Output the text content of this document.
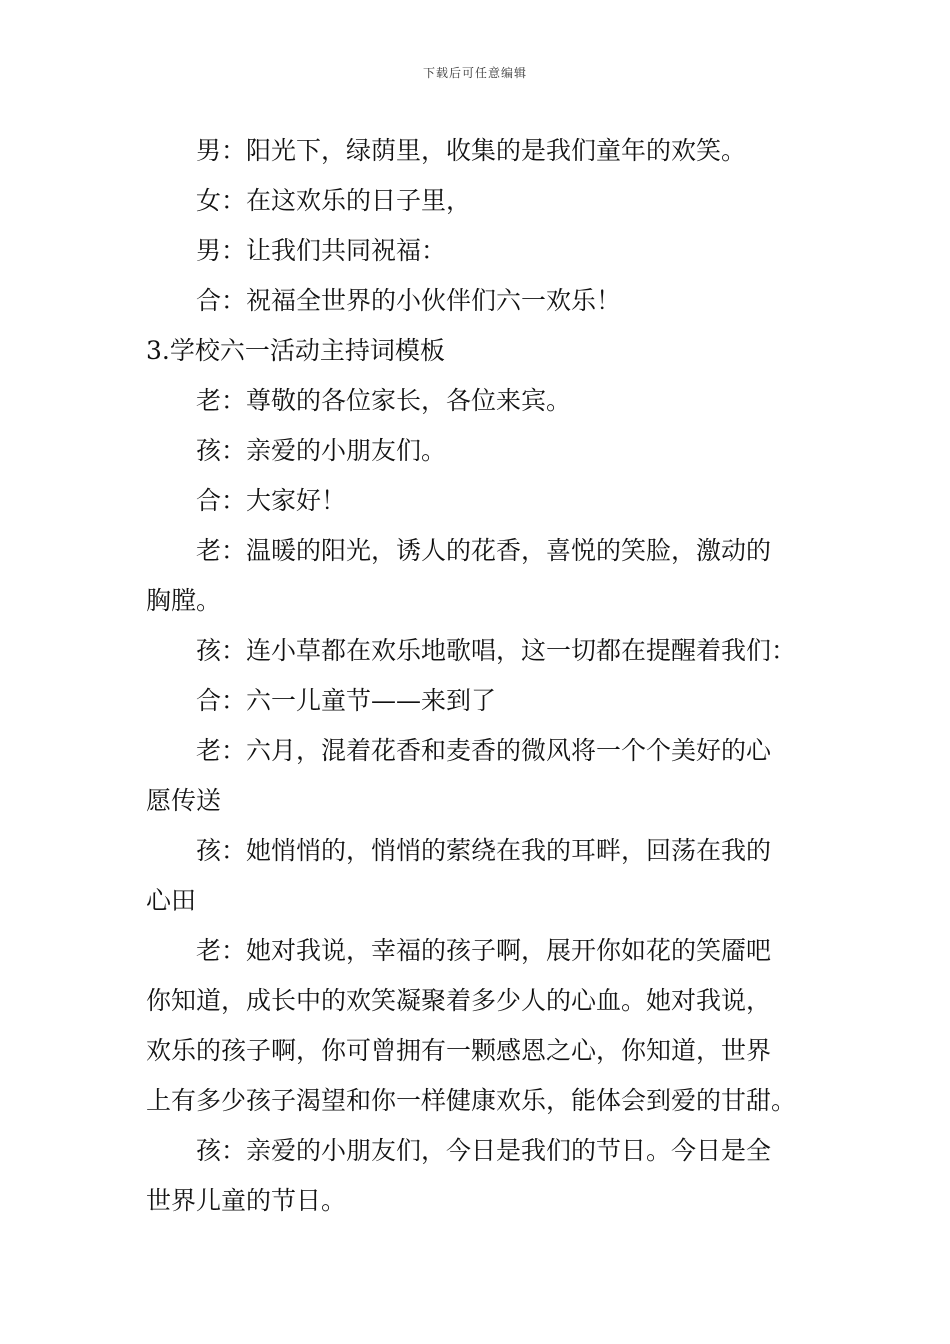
下载后可任意编辑
男：阳光下，绿荫里，收集的是我们童年的欢笑。
女：在这欢乐的日子里，
男：让我们共同祝福：
合：祝福全世界的小伙伴们六一欢乐！
3.学校六一活动主持词模板
老：尊敬的各位家长，各位来宾。
孩：亲爱的小朋友们。
合：大家好！
老：温暖的阳光，诱人的花香，喜悦的笑脸，激动的
胸膛。
孩：连小草都在欢乐地歌唱，这一切都在提醒着我们：
合：六一儿童节——来到了
老：六月，混着花香和麦香的微风将一个个美好的心
愿传送
孩：她悄悄的，悄悄的萦绕在我的耳畔，回荡在我的
心田
老：她对我说，幸福的孩子啊，展开你如花的笑靥吧
你知道，成长中的欢笑凝聚着多少人的心血。她对我说，
欢乐的孩子啊，你可曾拥有一颗感恩之心，你知道，世界
上有多少孩子渴望和你一样健康欢乐，能体会到爱的甘甜。
孩：亲爱的小朋友们，今日是我们的节日。今日是全
世界儿童的节日。
